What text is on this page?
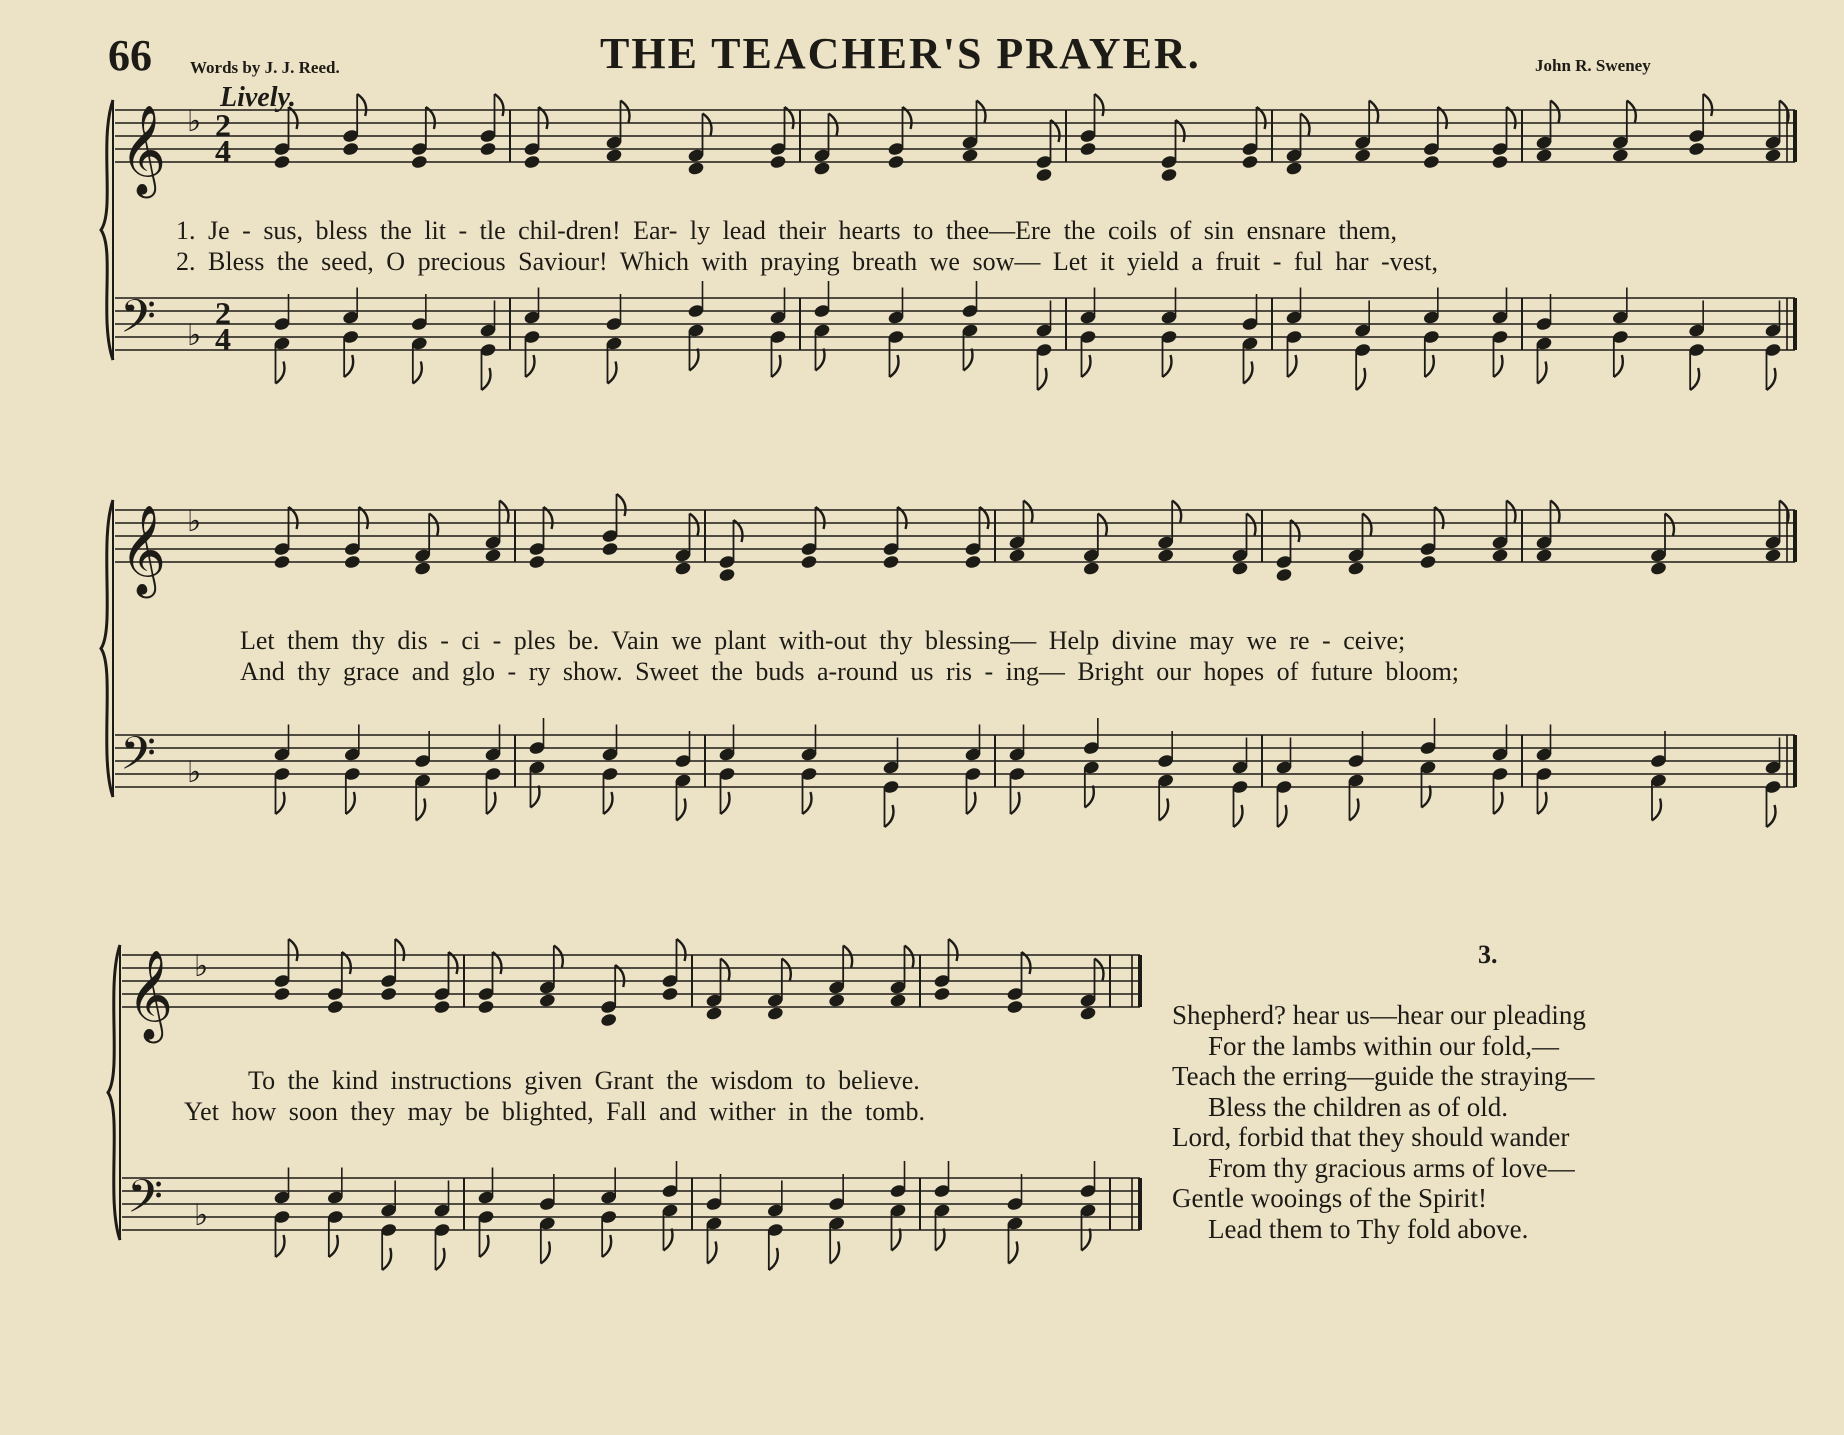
𝄞
𝄢
♭
♭
2
4
2
4
𝄞
𝄢
♭
♭
𝄞
𝄢
♭
♭
66 Words by J. J. Reed.	THE TEACHER'S PRAYER.	John R. Sweney
Lively.
1. Je - sus, bless the lit - tle chil-dren! Ear- ly lead their hearts to thee—Ere the coils of sin ensnare them,
2. Bless the seed, O precious Saviour! Which with praying breath we sow— Let it yield a fruit - ful har -vest,
Let them thy dis - ci - ples be. Vain we plant with-out thy blessing— Help divine may we re - ceive;
And thy grace and glo - ry show. Sweet the buds a-round us ris - ing— Bright our hopes of future bloom;
To the kind instructions given Grant the wisdom to believe.
Yet how soon they may be blighted, Fall and wither in the tomb.
3.
Shepherd? hear us—hear our pleading
For the lambs within our fold,—
Teach the erring—guide the straying—
Bless the children as of old.
Lord, forbid that they should wander
From thy gracious arms of love—
Gentle wooings of the Spirit!
Lead them to Thy fold above.
